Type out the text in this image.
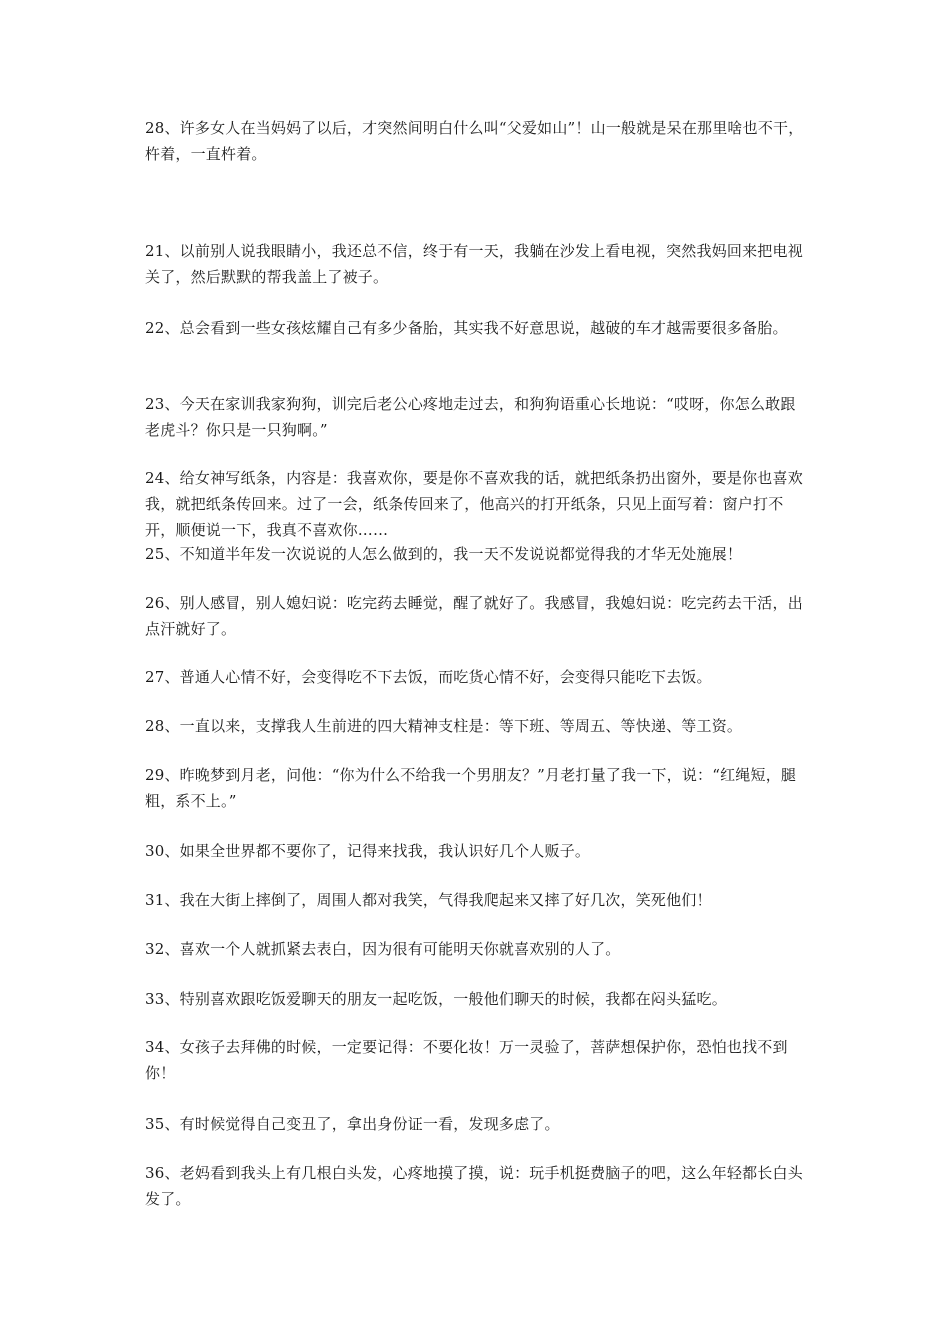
28、许多女人在当妈妈了以后，才突然间明白什么叫“父爱如山”！山一般就是呆在那里啥也不干，杵着，一直杵着。

21、以前别人说我眼睛小，我还总不信，终于有一天，我躺在沙发上看电视，突然我妈回来把电视关了，然后默默的帮我盖上了被子。

22、总会看到一些女孩炫耀自己有多少备胎，其实我不好意思说，越破的车才越需要很多备胎。

23、今天在家训我家狗狗，训完后老公心疼地走过去，和狗狗语重心长地说：“哎呀，你怎么敢跟老虎斗？你只是一只狗啊。”

24、给女神写纸条，内容是：我喜欢你，要是你不喜欢我的话，就把纸条扔出窗外，要是你也喜欢我，就把纸条传回来。过了一会，纸条传回来了，他高兴的打开纸条，只见上面写着：窗户打不开，顺便说一下，我真不喜欢你……

25、不知道半年发一次说说的人怎么做到的，我一天不发说说都觉得我的才华无处施展！

26、别人感冒，别人媳妇说：吃完药去睡觉，醒了就好了。我感冒，我媳妇说：吃完药去干活，出点汗就好了。

27、普通人心情不好，会变得吃不下去饭，而吃货心情不好，会变得只能吃下去饭。

28、一直以来，支撑我人生前进的四大精神支柱是：等下班、等周五、等快递、等工资。

29、昨晚梦到月老，问他：“你为什么不给我一个男朋友？”月老打量了我一下，说：“红绳短，腿粗，系不上。”

30、如果全世界都不要你了，记得来找我，我认识好几个人贩子。

31、我在大街上摔倒了，周围人都对我笑，气得我爬起来又摔了好几次，笑死他们！

32、喜欢一个人就抓紧去表白，因为很有可能明天你就喜欢别的人了。

33、特别喜欢跟吃饭爱聊天的朋友一起吃饭，一般他们聊天的时候，我都在闷头猛吃。

34、女孩子去拜佛的时候，一定要记得：不要化妆！万一灵验了，菩萨想保护你，恐怕也找不到你！

35、有时候觉得自己变丑了，拿出身份证一看，发现多虑了。

36、老妈看到我头上有几根白头发，心疼地摸了摸，说：玩手机挺费脑子的吧，这么年轻都长白头发了。
